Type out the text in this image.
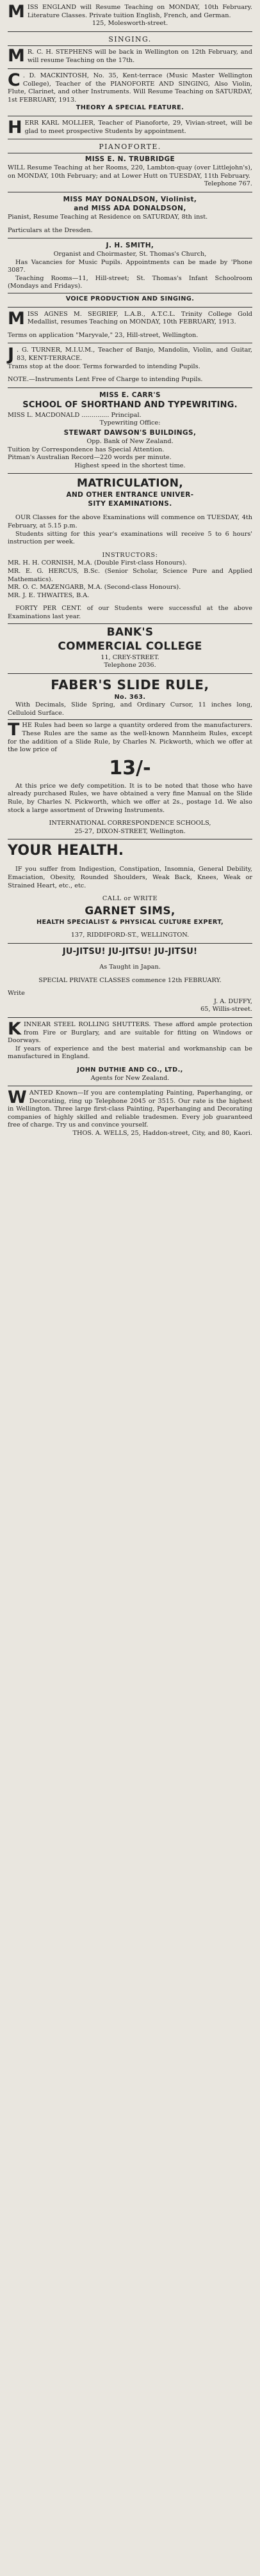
M ISS ENGLAND will Resume Teaching on MONDAY, 10th February. Literature Classes. Private tuition English, French, and German.

125, Molesworth-street.

SINGING.
M R. C. H. STEPHENS will be back in Wellington on 12th February, and will resume Teaching on the 17th.

C . D. MACKINTOSH, No. 35, Kent-terrace (Music Master Wellington College), Teacher of the PIANOFORTE AND SINGING, Also Violin, Flute, Clarinet, and other Instruments. Will Resume Teaching on SATURDAY, 1st FEBRUARY, 1913.

THEORY A SPECIAL FEATURE.

H ERR KARL MOLLIER, Teacher of Pianoforte, 29, Vivian-street, will be glad to meet prospective Students by appointment.

PIANOFORTE.
MISS E. N. TRUBRIDGE

WILL Resume Teaching at her Rooms, 220, Lambton-quay (over Littlejohn's), on MONDAY, 10th February; and at Lower Hutt on TUESDAY, 11th February.

Telephone 767.

MISS MAY DONALDSON, Violinist,
and MISS ADA DONALDSON,

Pianist, Resume Teaching at Residence on SATURDAY, 8th inst.

Particulars at the Dresden.

J. H. SMITH,

Organist and Choirmaster, St. Thomas's Church,

Has Vacancies for Music Pupils. Appointments can be made by 'Phone 3087.

Teaching Rooms—11, Hill-street; St. Thomas's Infant Schoolroom (Mondays and Fridays).

VOICE PRODUCTION AND SINGING.

M ISS AGNES M. SEGRIEF, L.A.B., A.T.C.L. Trinity College Gold Medallist, resumes Teaching on MONDAY, 10th FEBRUARY, 1913.

Terms on application "Maryvale," 23, Hill-street, Wellington.

J . G. TURNER, M.I.U.M., Teacher of Banjo, Mandolin, Violin, and Guitar, 83, KENT-TERRACE.

Trams stop at the door. Terms forwarded to intending Pupils.

NOTE.—Instruments Lent Free of Charge to intending Pupils.

MISS E. CARR'S
SCHOOL OF SHORTHAND AND TYPEWRITING.

MISS L. MACDONALD .............. Principal.

Typewriting Office:

STEWART DAWSON'S BUILDINGS,

Opp. Bank of New Zealand.

Tuition by Correspondence has Special Attention.

Pitman's Australian Record—220 words per minute.

Highest speed in the shortest time.

MATRICULATION,
AND OTHER ENTRANCE UNIVER-
SITY EXAMINATIONS.

OUR Classes for the above Examinations will commence on TUESDAY, 4th February, at 5.15 p.m.

Students sitting for this year's examinations will receive 5 to 6 hours' instruction per week.

INSTRUCTORS:

MR. H. H. CORNISH, M.A. (Double First-class Honours).

MR. E. G. HERCUS, B.Sc. (Senior Scholar, Science Pure and Applied Mathematics).

MR. O. C. MAZENGARB, M.A. (Second-class Honours).

MR. J. E. THWAITES, B.A.

FORTY PER CENT. of our Students were successful at the above Examinations last year.

BANK'S
COMMERCIAL COLLEGE

11, CREY-STREET.

Telephone 2036.

FABER'S SLIDE RULE,

No. 363.

With Decimals, Slide Spring, and Ordinary Cursor, 11 inches long, Celluloid Surface.

T HE Rules had been so large a quantity ordered from the manufacturers. These Rules are the same as the well-known Mannheim Rules, except for the addition of a Slide Rule, by Charles N. Pickworth, which we offer at the low price of

13/-

At this price we defy competition. It is to be noted that those who have already purchased Rules, we have obtained a very fine Manual on the Slide Rule, by Charles N. Pickworth, which we offer at 2s., postage 1d. We also stock a large assortment of Drawing Instruments.

INTERNATIONAL CORRESPONDENCE SCHOOLS,

25-27, DIXON-STREET, Wellington.

YOUR HEALTH.

IF you suffer from Indigestion, Constipation, Insomnia, General Debility, Emaciation, Obesity, Rounded Shoulders, Weak Back, Knees, Weak or Strained Heart, etc., etc.

CALL or WRITE

GARNET SIMS,

HEALTH SPECIALIST & PHYSICAL CULTURE EXPERT,

137, RIDDIFORD-ST., WELLINGTON.

JU-JITSU! JU-JITSU! JU-JITSU!

As Taught in Japan.

SPECIAL PRIVATE CLASSES commence 12th FEBRUARY.

Write

J. A. DUFFY,

65, Willis-street.

K INNEAR STEEL ROLLING SHUTTERS. These afford ample protection from Fire or Burglary, and are suitable for fitting on Windows or Doorways.

If years of experience and the best material and workmanship can be manufactured in England.

JOHN DUTHIE AND CO., LTD.,

Agents for New Zealand.

W ANTED Known—If you are contemplating Painting, Paperhanging, or Decorating, ring up Telephone 2045 or 3515. Our rate is the highest in Wellington. Three large first-class Painting, Paperhanging and Decorating companies of highly skilled and reliable tradesmen. Every job guaranteed free of charge. Try us and convince yourself.

THOS. A. WELLS, 25, Haddon-street, City, and 80, Kaori.
